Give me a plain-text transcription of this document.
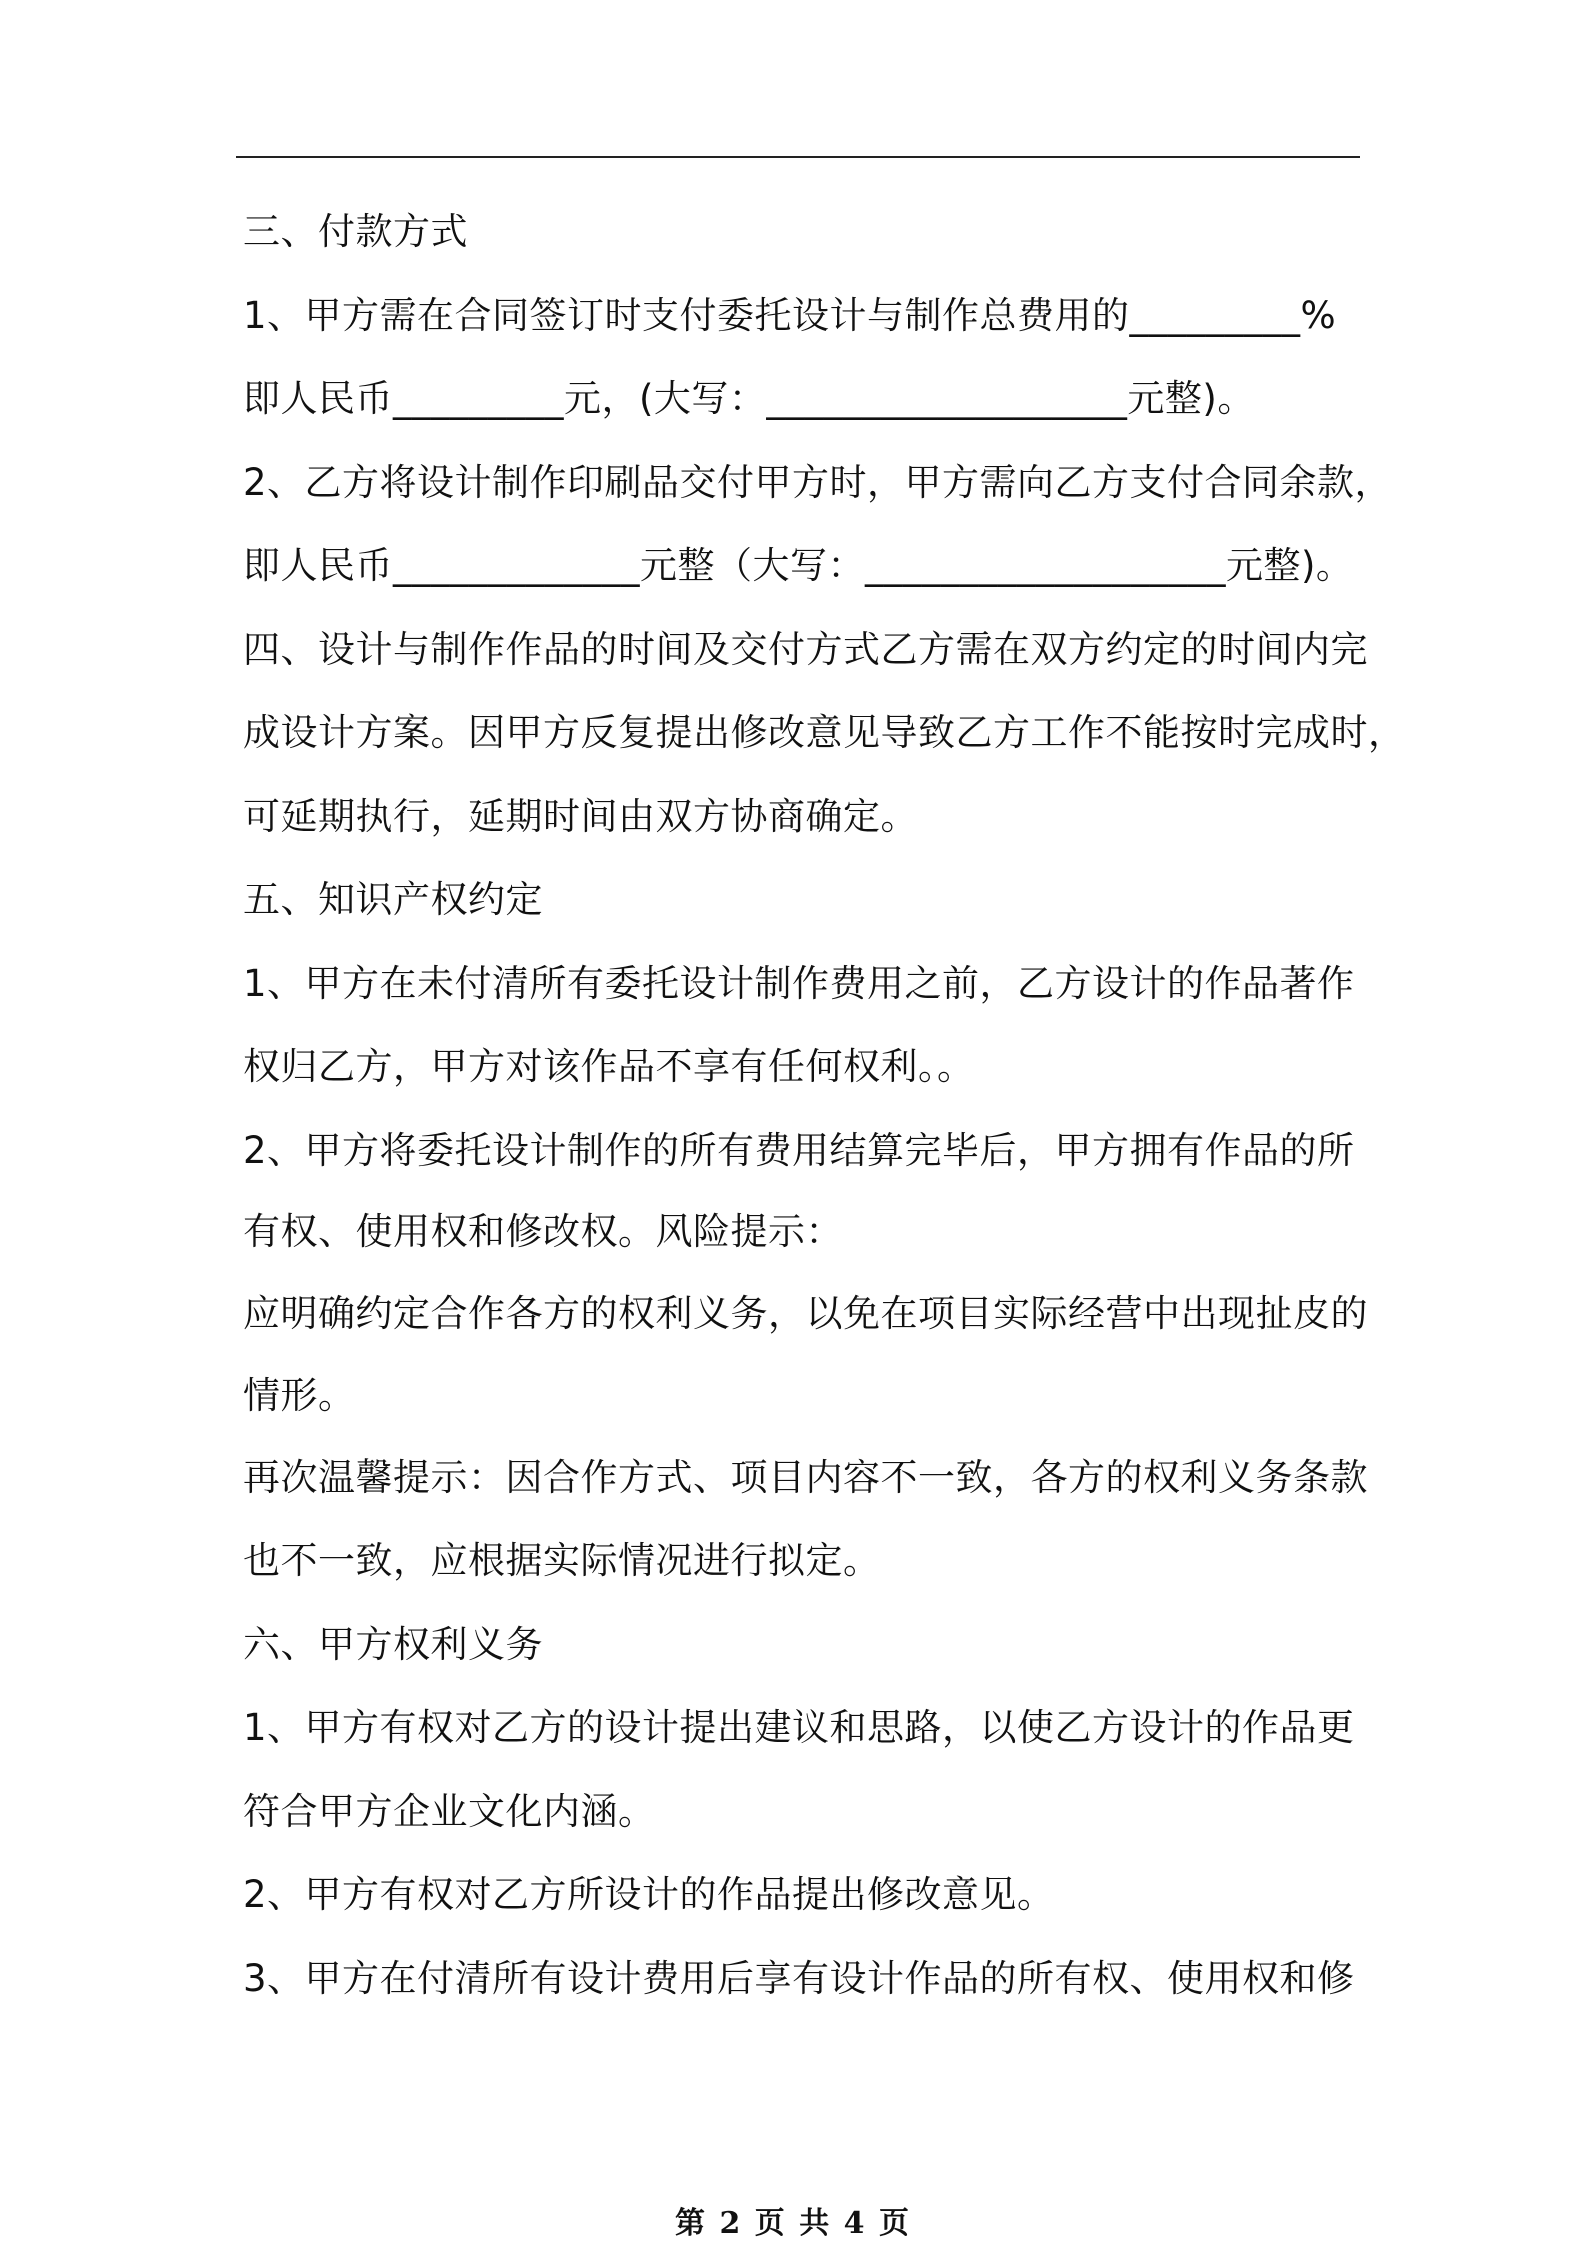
三、付款方式
1、甲方需在合同签订时支付委托设计与制作总费用的_________%
即人民币_________元，(大写：___________________元整)。
2、乙方将设计制作印刷品交付甲方时，甲方需向乙方支付合同余款，
即人民币_____________元整（大写：___________________元整)。
四、设计与制作作品的时间及交付方式乙方需在双方约定的时间内完
成设计方案。因甲方反复提出修改意见导致乙方工作不能按时完成时，
可延期执行，延期时间由双方协商确定。
五、知识产权约定
1、甲方在未付清所有委托设计制作费用之前，乙方设计的作品著作
权归乙方，甲方对该作品不享有任何权利。。
2、甲方将委托设计制作的所有费用结算完毕后，甲方拥有作品的所
有权、使用权和修改权。风险提示：
应明确约定合作各方的权利义务，以免在项目实际经营中出现扯皮的
情形。
再次温馨提示：因合作方式、项目内容不一致，各方的权利义务条款
也不一致，应根据实际情况进行拟定。
六、甲方权利义务
1、甲方有权对乙方的设计提出建议和思路，以使乙方设计的作品更
符合甲方企业文化内涵。
2、甲方有权对乙方所设计的作品提出修改意见。
3、甲方在付清所有设计费用后享有设计作品的所有权、使用权和修
第 2 页 共 4 页
